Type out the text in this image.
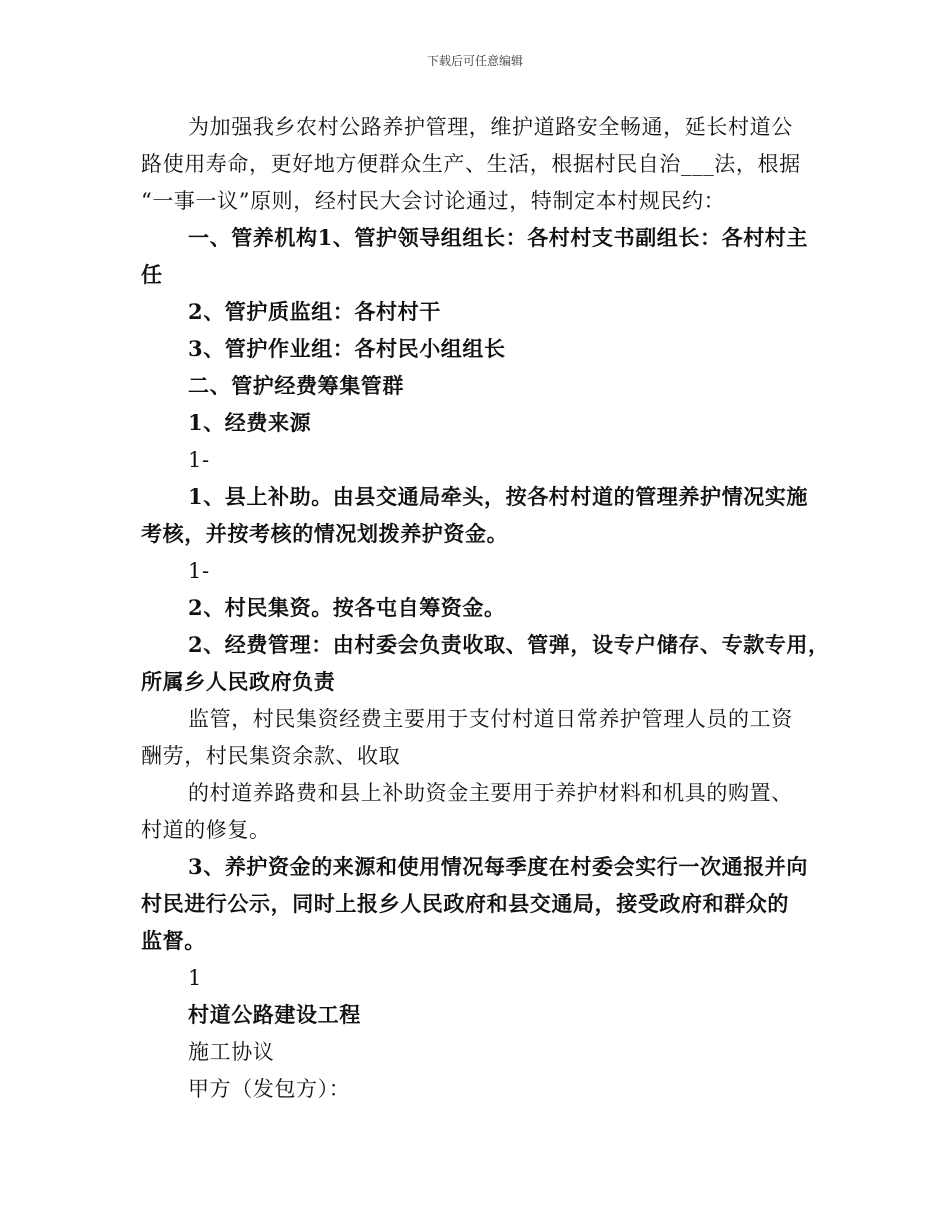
下载后可任意编辑
为加强我乡农村公路养护管理，维护道路安全畅通，延长村道公
路使用寿命，更好地方便群众生产、生活，根据村民自治___法，根据
“一事一议”原则，经村民大会讨论通过，特制定本村规民约：
一、管养机构1、管护领导组组长：各村村支书副组长：各村村主
任
2、管护质监组：各村村干
3、管护作业组：各村民小组组长
二、管护经费筹集管群
1、经费来源
1-
1、县上补助。由县交通局牵头，按各村村道的管理养护情况实施
考核，并按考核的情况划拨养护资金。
1-
2、村民集资。按各屯自筹资金。
2、经费管理：由村委会负责收取、管弹，设专户储存、专款专用，
所属乡人民政府负责
监管，村民集资经费主要用于支付村道日常养护管理人员的工资
酬劳，村民集资余款、收取
的村道养路费和县上补助资金主要用于养护材料和机具的购置、
村道的修复。
3、养护资金的来源和使用情况每季度在村委会实行一次通报并向
村民进行公示，同时上报乡人民政府和县交通局，接受政府和群众的
监督。
1
村道公路建设工程
施工协议
甲方（发包方）：
